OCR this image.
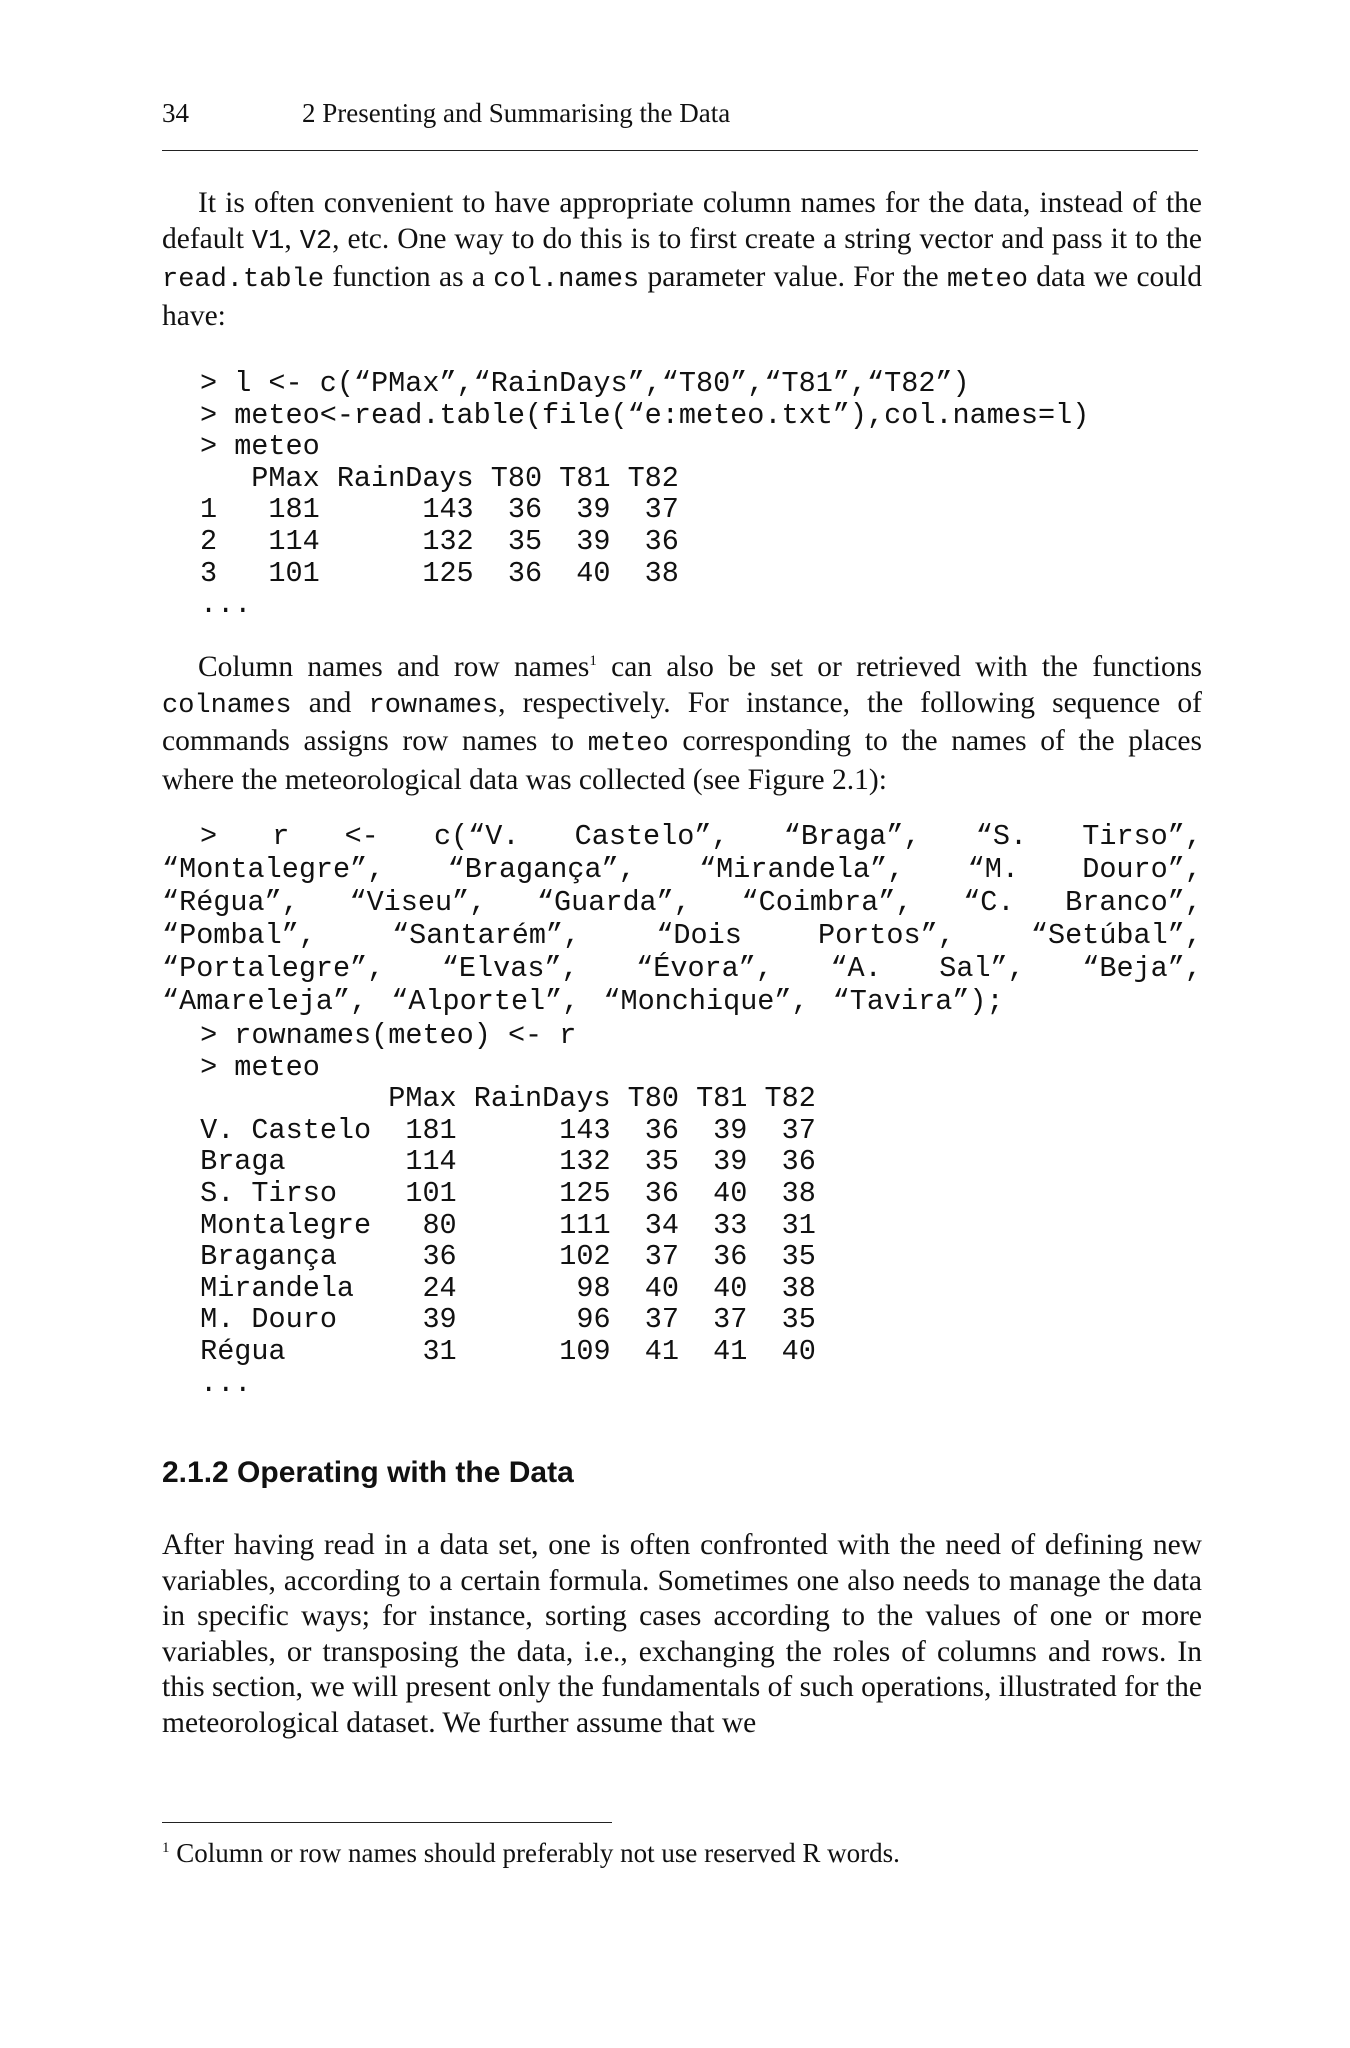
34	2 Presenting and Summarising the Data

It is often convenient to have appropriate column names for the data, instead of the default V1, V2, etc. One way to do this is to first create a string vector and pass it to the read.table function as a col.names parameter value. For the meteo data we could have:

> l <- c(“PMax”,“RainDays”,“T80”,“T81”,“T82”)
> meteo<-read.table(file(“e:meteo.txt”),col.names=l)
> meteo
PMax RainDays T80 T81 T82
1   181      143  36  39  37
2   114      132  35  39  36
3   101      125  36  40  38
...

Column names and row names$^1$ can also be set or retrieved with the functions colnames and rownames, respectively. For instance, the following sequence of commands assigns row names to meteo corresponding to the names of the places where the meteorological data was collected (see Figure 2.1):

> r <- c(“V. Castelo”, “Braga”, “S. Tirso”,
“Montalegre”, “Bragança”, “Mirandela”, “M. Douro”,
“Régua”, “Viseu”, “Guarda”, “Coimbra”, “C. Branco”,
“Pombal”,	“Santarém”,	“Dois	Portos”,	“Setúbal”,
“Portalegre”, “Elvas”, “Évora”, “A. Sal”, “Beja”,
“Amareleja”, “Alportel”, “Monchique”, “Tavira”);
> rownames(meteo) <- r
> meteo
PMax RainDays T80 T81 T82
V. Castelo  181      143  36  39  37
Braga       114      132  35  39  36
S. Tirso    101      125  36  40  38
Montalegre   80      111  34  33  31
Bragança     36      102  37  36  35
Mirandela    24       98  40  40  38
M. Douro     39       96  37  37  35
Régua        31      109  41  41  40
...
2.1.2 Operating with the Data

After having read in a data set, one is often confronted with the need of defining new variables, according to a certain formula. Sometimes one also needs to manage the data in specific ways; for instance, sorting cases according to the values of one or more variables, or transposing the data, i.e., exchanging the roles of columns and rows. In this section, we will present only the fundamentals of such operations, illustrated for the meteorological dataset. We further assume that we

$^1$ Column or row names should preferably not use reserved R words.
